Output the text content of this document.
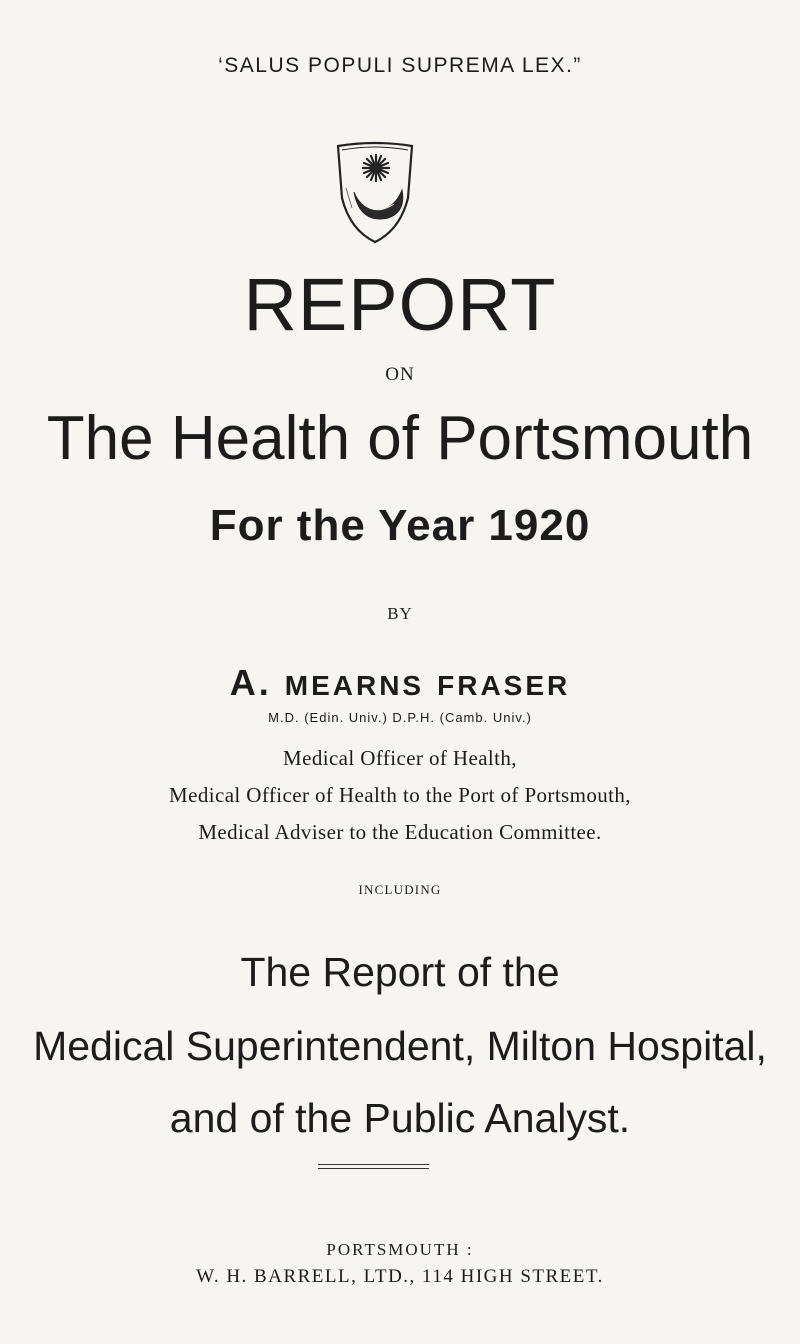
‘SALUS POPULI SUPREMA LEX.”
REPORT
ON
The Health of Portsmouth
For the Year 1920
BY
A. MEARNS FRASER
M.D. (Edin. Univ.) D.P.H. (Camb. Univ.)
Medical Officer of Health,
Medical Officer of Health to the Port of Portsmouth,
Medical Adviser to the Education Committee.
INCLUDING
The Report of the
Medical Superintendent, Milton Hospital,
and of the Public Analyst.
PORTSMOUTH :
W. H. BARRELL, LTD., 114 HIGH STREET.
